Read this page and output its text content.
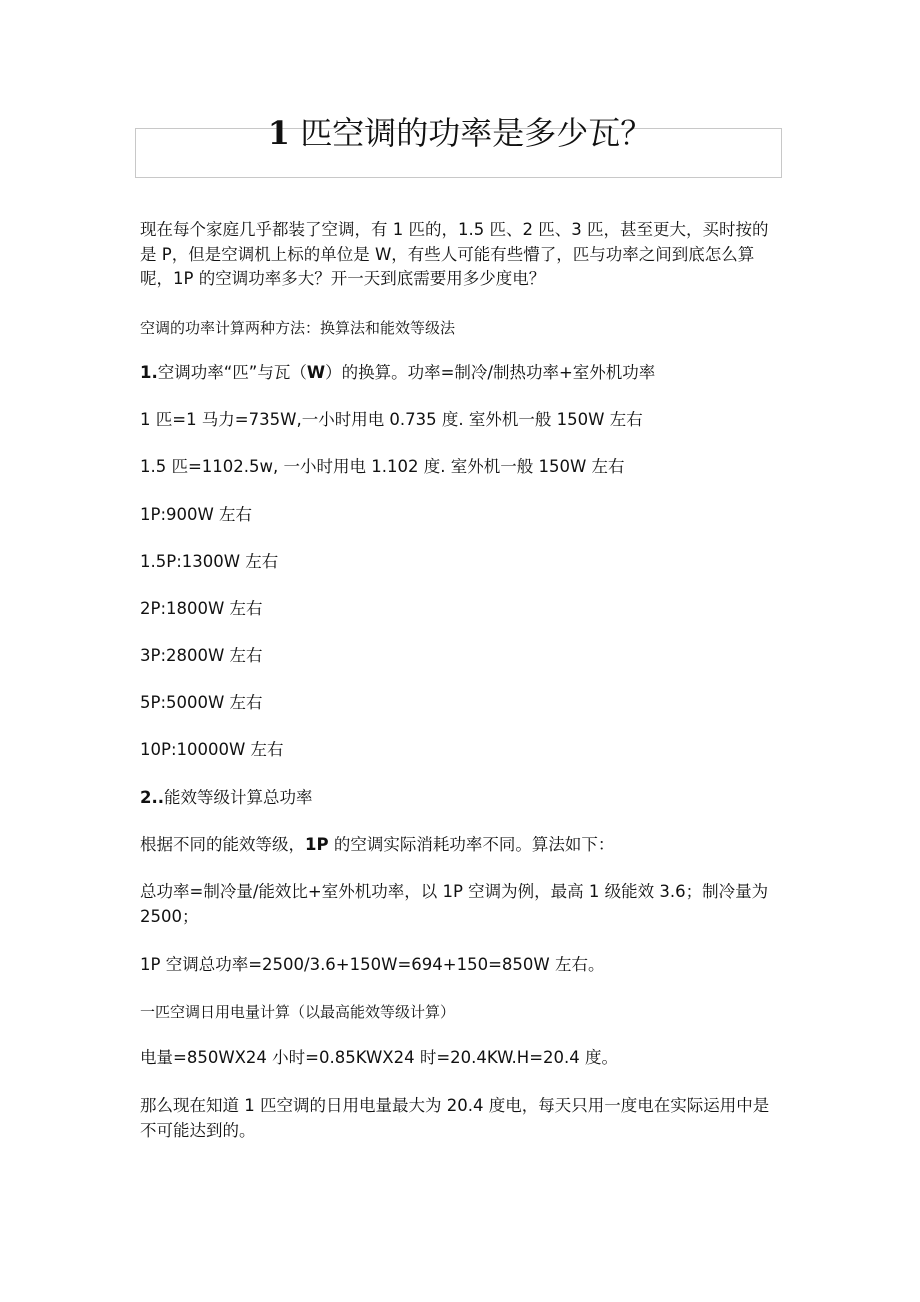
1 匹空调的功率是多少瓦？

现在每个家庭几乎都装了空调，有 1 匹的，1.5 匹、2 匹、3 匹，甚至更大，买时按的是 P，但是空调机上标的单位是 W，有些人可能有些懵了，匹与功率之间到底怎么算呢，1P 的空调功率多大？开一天到底需要用多少度电？

空调的功率计算两种方法：换算法和能效等级法

1.空调功率“匹”与瓦（W）的换算。功率=制冷/制热功率+室外机功率

1 匹=1 马力=735W,一小时用电 0.735 度. 室外机一般 150W 左右

1.5 匹=1102.5w, 一小时用电 1.102 度. 室外机一般 150W 左右

1P:900W 左右

1.5P:1300W 左右

2P:1800W 左右

3P:2800W 左右

5P:5000W 左右

10P:10000W 左右

2..能效等级计算总功率

根据不同的能效等级，1P 的空调实际消耗功率不同。算法如下：

总功率=制冷量/能效比+室外机功率，以 1P 空调为例，最高 1 级能效 3.6；制冷量为 2500；

1P 空调总功率=2500/3.6+150W=694+150=850W 左右。

一匹空调日用电量计算（以最高能效等级计算）

电量=850WX24 小时=0.85KWX24 时=20.4KW.H=20.4 度。

那么现在知道 1 匹空调的日用电量最大为 20.4 度电，每天只用一度电在实际运用中是不可能达到的。
